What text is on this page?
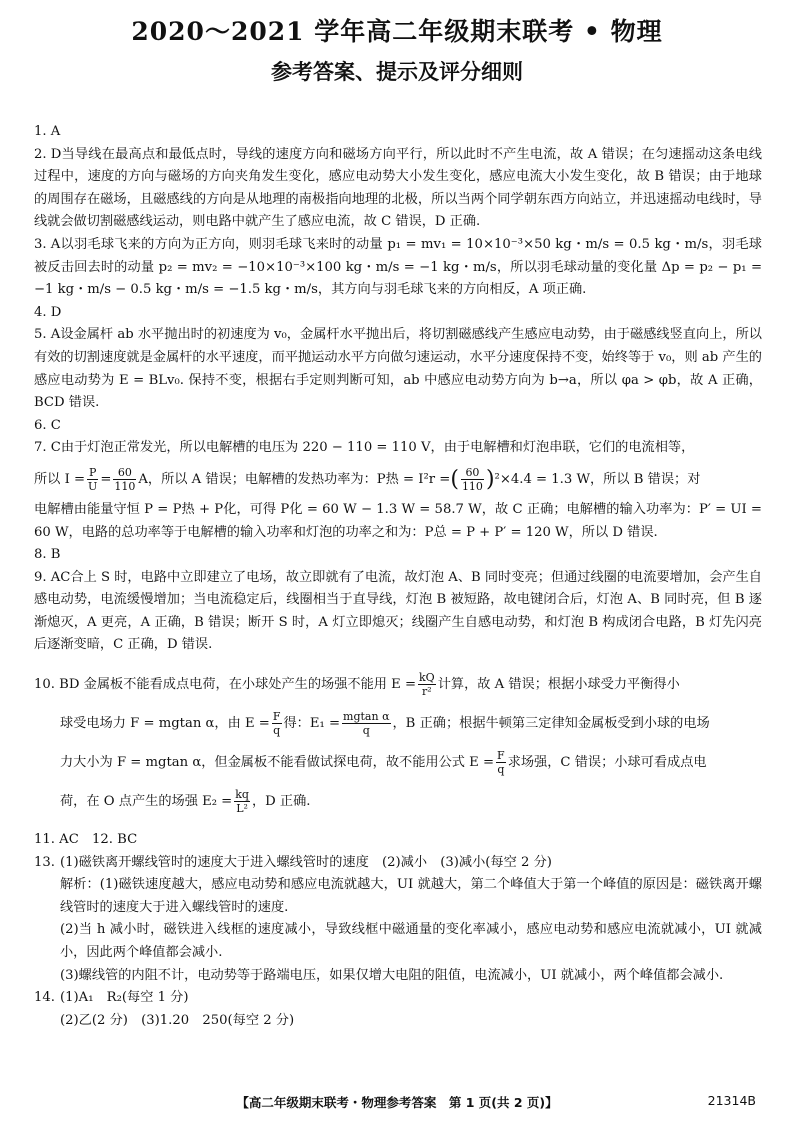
2020～2021 学年高二年级期末联考 • 物理
参考答案、提示及评分细则

1. A

2. D当导线在最高点和最低点时，导线的速度方向和磁场方向平行，所以此时不产生电流，故 A 错误；在匀速摇动这条电线过程中，速度的方向与磁场的方向夹角发生变化，感应电动势大小发生变化，感应电流大小发生变化，故 B 错误；由于地球的周围存在磁场，且磁感线的方向是从地理的南极指向地理的北极，所以当两个同学朝东西方向站立，并迅速摇动电线时，导线就会做切割磁感线运动，则电路中就产生了感应电流，故 C 错误，D 正确.

3. A以羽毛球飞来的方向为正方向，则羽毛球飞来时的动量 p₁ = mv₁ = 10×10⁻³×50 kg・m/s = 0.5 kg・m/s，羽毛球被反击回去时的动量 p₂ = mv₂ = −10×10⁻³×100 kg・m/s = −1 kg・m/s，所以羽毛球动量的变化量 Δp = p₂ − p₁ = −1 kg・m/s − 0.5 kg・m/s = −1.5 kg・m/s，其方向与羽毛球飞来的方向相反，A 项正确.

4. D

5. A设金属杆 ab 水平抛出时的初速度为 v₀，金属杆水平抛出后，将切割磁感线产生感应电动势，由于磁感线竖直向上，所以有效的切割速度就是金属杆的水平速度，而平抛运动水平方向做匀速运动，水平分速度保持不变，始终等于 v₀，则 ab 产生的感应电动势为 E = BLv₀. 保持不变，根据右手定则判断可知，ab 中感应电动势方向为 b→a，所以 φa > φb，故 A 正确，BCD 错误.

6. C

7. C由于灯泡正常发光，所以电解槽的电压为 220 − 110 = 110 V，由于电解槽和灯泡串联，它们的电流相等，

所以 $I = \frac{P}{U} = \frac{60}{110}$ A，所以 A 错误；电解槽的发热功率为：P热 = I²r =( $\frac{60}{110} )^2\times 4.4 = 1.3$ W，所以 B 错误；对

电解槽由能量守恒 P = P热 + P化，可得 P化 = 60 W − 1.3 W = 58.7 W，故 C 正确；电解槽的输入功率为：P′ = UI = 60 W，电路的总功率等于电解槽的输入功率和灯泡的功率之和为：P总 = P + P′ = 120 W，所以 D 错误.

8. B

9. AC合上 S 时，电路中立即建立了电场，故立即就有了电流，故灯泡 A、B 同时变亮；但通过线圈的电流要增加，会产生自感电动势，电流缓慢增加；当电流稳定后，线圈相当于直导线，灯泡 B 被短路，故电键闭合后，灯泡 A、B 同时亮，但 B 逐渐熄灭，A 更亮，A 正确，B 错误；断开 S 时，A 灯立即熄灭；线圈产生自感电动势，和灯泡 B 构成闭合电路，B 灯先闪亮后逐渐变暗，C 正确，D 错误.

10. BD 金属板不能看成点电荷，在小球处产生的场强不能用 $E = \frac{kQ}{\text{r²}}$ 计算，故 A 错误；根据小球受力平衡得小

球受电场力 F = mgtan α，由 $E = \frac{F}{q}$ 得：$E_1 = \frac{\text{mgtan α}}{q}$ ，B 正确；根据牛顿第三定律知金属板受到小球的电场

力大小为 F = mgtan α，但金属板不能看做试探电荷，故不能用公式 $E = \frac{F}{q}$ 求场强，C 错误；小球可看成点电

荷，在 O 点产生的场强 $E_2 = \frac{kq}{\text{L²}}$ ，D 正确.

11. AC　12. BC

13. (1)磁铁离开螺线管时的速度大于进入螺线管时的速度　(2)减小　(3)减小(每空 2 分)

解析：(1)磁铁速度越大，感应电动势和感应电流就越大，UI 就越大，第二个峰值大于第一个峰值的原因是：磁铁离开螺线管时的速度大于进入螺线管时的速度.

(2)当 h 减小时，磁铁进入线框的速度减小，导致线框中磁通量的变化率减小，感应电动势和感应电流就减小，UI 就减小，因此两个峰值都会减小.

(3)螺线管的内阻不计，电动势等于路端电压，如果仅增大电阻的阻值，电流减小，UI 就减小，两个峰值都会减小.

14. (1)A₁　R₂(每空 1 分)

(2)乙(2 分)　(3)1.20　250(每空 2 分)

【高二年级期末联考・物理参考答案　第 1 页(共 2 页)】	21314B
